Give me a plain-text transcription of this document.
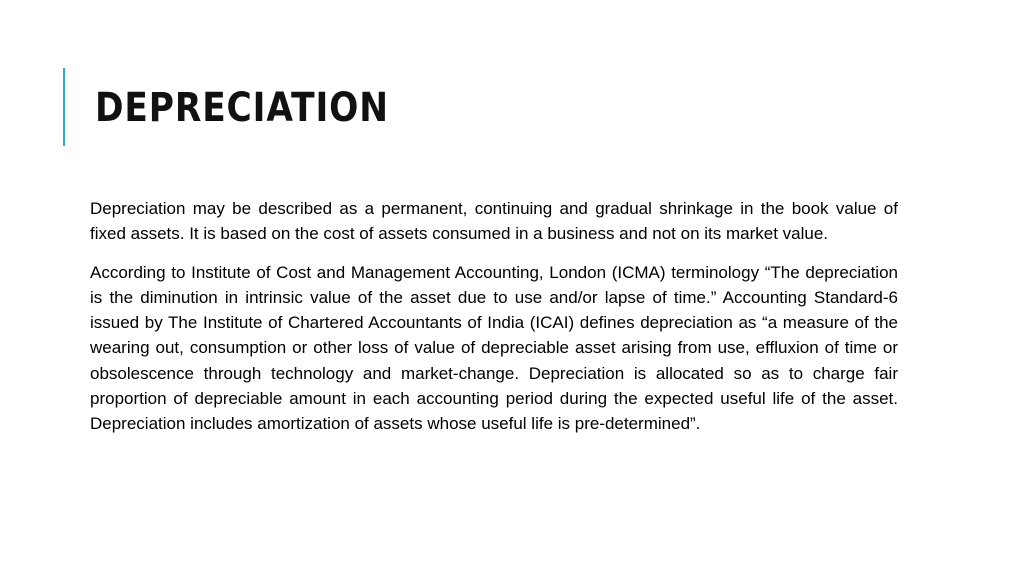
DEPRECIATION

Depreciation may be described as a permanent, continuing and gradual shrinkage in the book value of fixed assets. It is based on the cost of assets consumed in a business and not on its market value.

According to Institute of Cost and Management Accounting, London (ICMA) terminology “The depreciation is the diminution in intrinsic value of the asset due to use and/or lapse of time.” Accounting Standard-6 issued by The Institute of Chartered Accountants of India (ICAI) defines depreciation as “a measure of the wearing out, consumption or other loss of value of depreciable asset arising from use, effluxion of time or obsolescence through technology and market-change. Depreciation is allocated so as to charge fair proportion of depreciable amount in each accounting period during the expected useful life of the asset. Depreciation includes amortization of assets whose useful life is pre-determined”.
